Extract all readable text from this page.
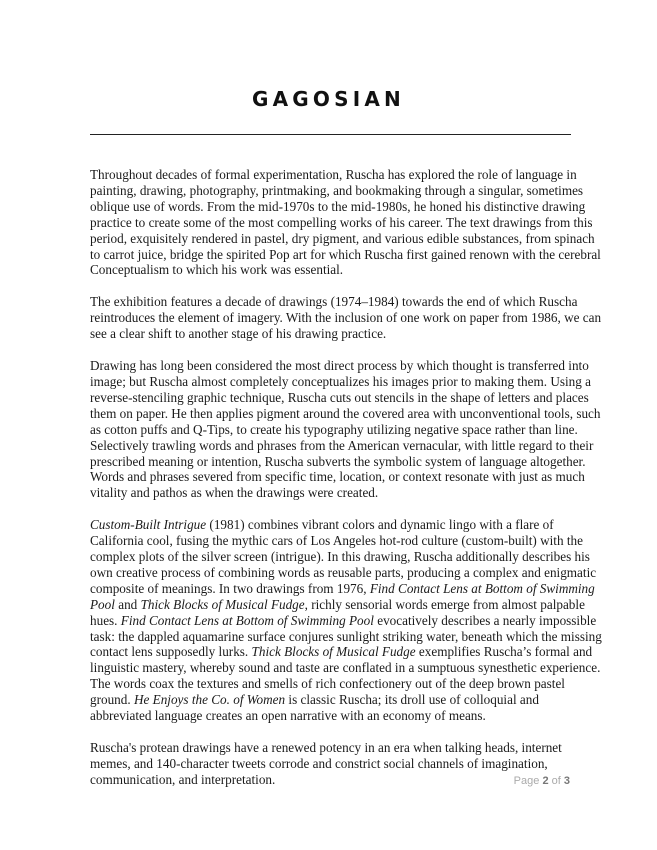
GAGOSIAN

Throughout decades of formal experimentation, Ruscha has explored the role of language in
painting, drawing, photography, printmaking, and bookmaking through a singular, sometimes
oblique use of words. From the mid-1970s to the mid-1980s, he honed his distinctive drawing
practice to create some of the most compelling works of his career. The text drawings from this
period, exquisitely rendered in pastel, dry pigment, and various edible substances, from spinach
to carrot juice, bridge the spirited Pop art for which Ruscha first gained renown with the cerebral
Conceptualism to which his work was essential.

The exhibition features a decade of drawings (1974–1984) towards the end of which Ruscha
reintroduces the element of imagery. With the inclusion of one work on paper from 1986, we can
see a clear shift to another stage of his drawing practice.

Drawing has long been considered the most direct process by which thought is transferred into
image; but Ruscha almost completely conceptualizes his images prior to making them. Using a
reverse-stenciling graphic technique, Ruscha cuts out stencils in the shape of letters and places
them on paper. He then applies pigment around the covered area with unconventional tools, such
as cotton puffs and Q-Tips, to create his typography utilizing negative space rather than line.
Selectively trawling words and phrases from the American vernacular, with little regard to their
prescribed meaning or intention, Ruscha subverts the symbolic system of language altogether.
Words and phrases severed from specific time, location, or context resonate with just as much
vitality and pathos as when the drawings were created.

Custom-Built Intrigue (1981) combines vibrant colors and dynamic lingo with a flare of
California cool, fusing the mythic cars of Los Angeles hot-rod culture (custom-built) with the
complex plots of the silver screen (intrigue). In this drawing, Ruscha additionally describes his
own creative process of combining words as reusable parts, producing a complex and enigmatic
composite of meanings. In two drawings from 1976, Find Contact Lens at Bottom of Swimming
Pool and Thick Blocks of Musical Fudge, richly sensorial words emerge from almost palpable
hues. Find Contact Lens at Bottom of Swimming Pool evocatively describes a nearly impossible
task: the dappled aquamarine surface conjures sunlight striking water, beneath which the missing
contact lens supposedly lurks. Thick Blocks of Musical Fudge exemplifies Ruscha’s formal and
linguistic mastery, whereby sound and taste are conflated in a sumptuous synesthetic experience.
The words coax the textures and smells of rich confectionery out of the deep brown pastel
ground. He Enjoys the Co. of Women is classic Ruscha; its droll use of colloquial and
abbreviated language creates an open narrative with an economy of means.

Ruscha's protean drawings have a renewed potency in an era when talking heads, internet
memes, and 140-character tweets corrode and constrict social channels of imagination,
communication, and interpretation.	Page 2 of 3
